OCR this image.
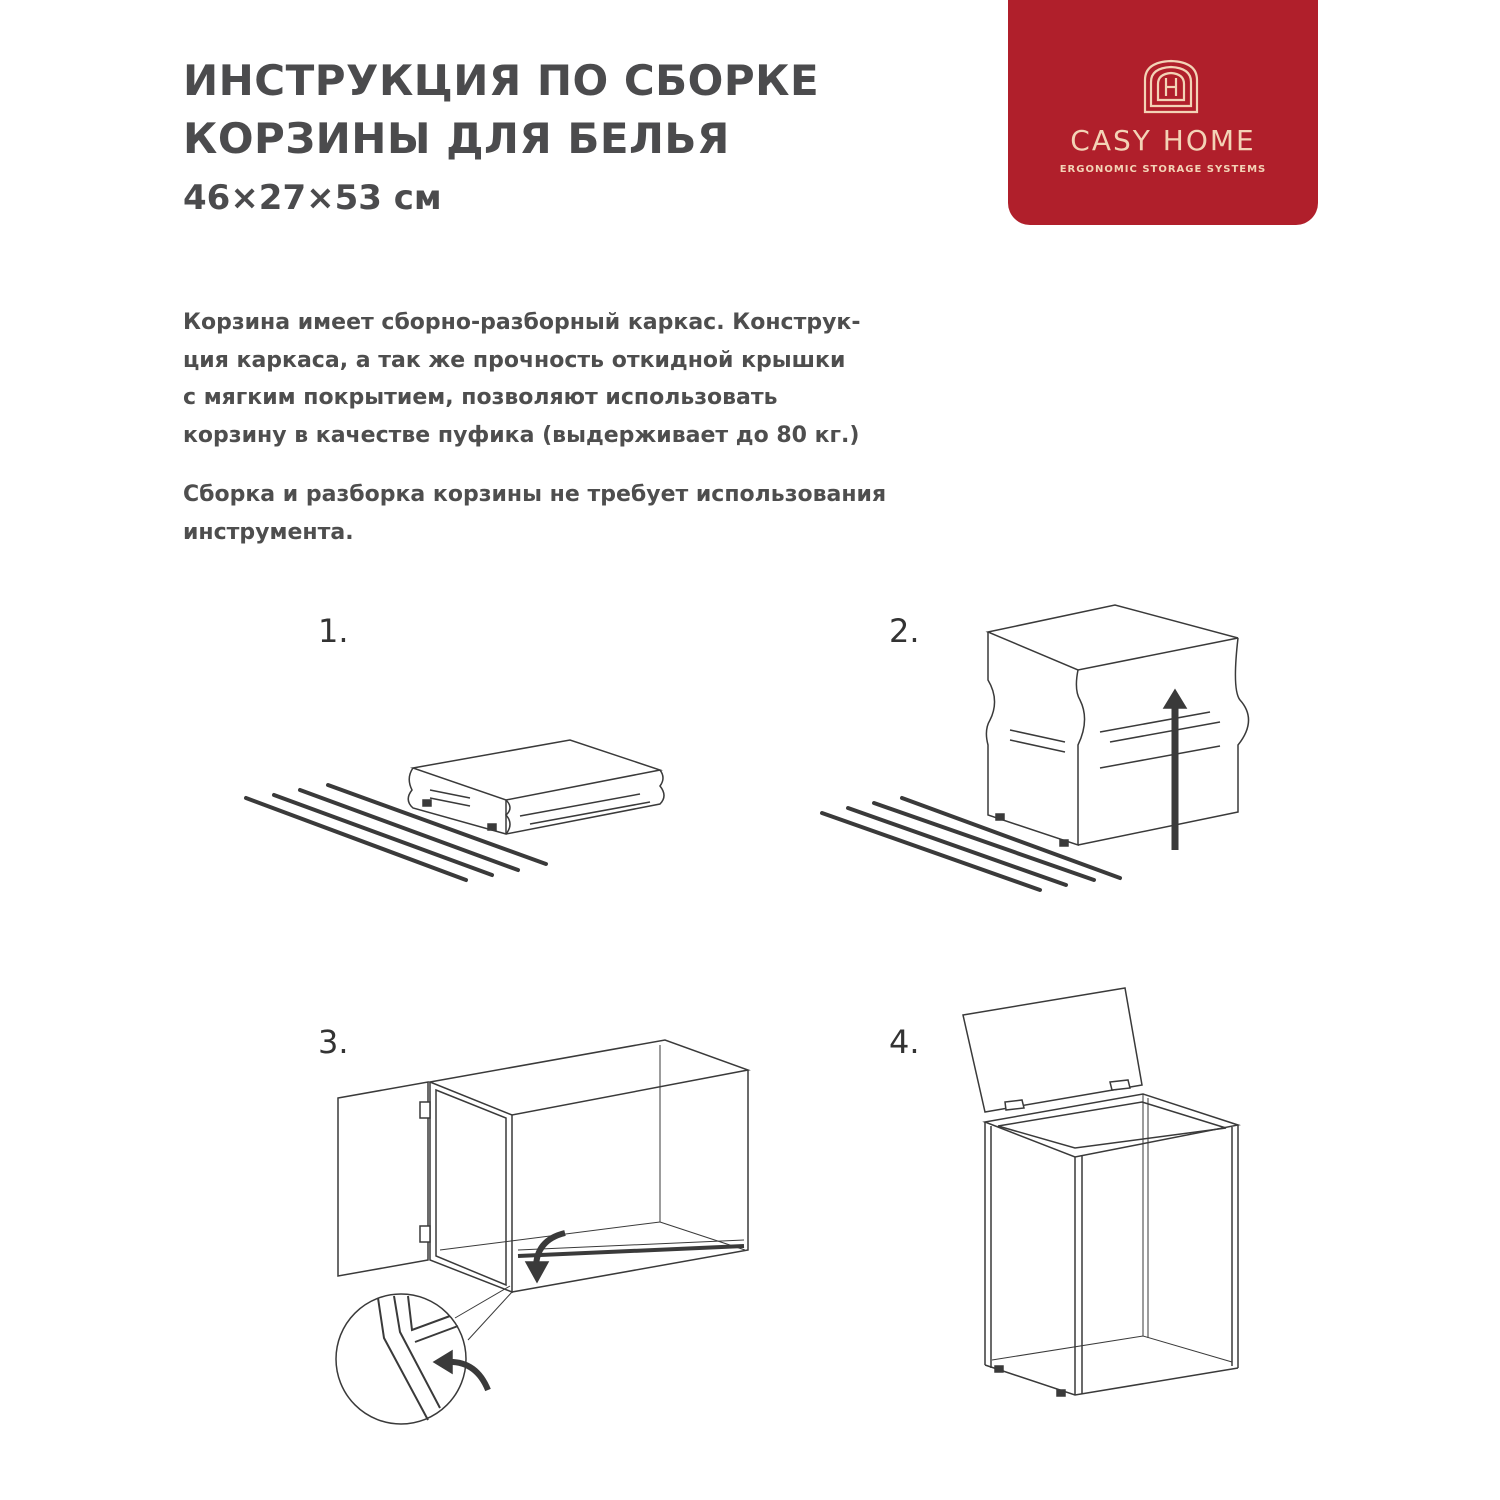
ИНСТРУКЦИЯ ПО СБОРКЕ
КОРЗИНЫ ДЛЯ БЕЛЬЯ
46×27×53 см
CASY HOME
ERGONOMIC STORAGE SYSTEMS

Корзина имеет сборно-разборный каркас. Конструк-
ция каркаса, а так же прочность откидной крышки
с мягким покрытием, позволяют использовать
корзину в качестве пуфика (выдерживает до 80 кг.)

Сборка и разборка корзины не требует использования
инструмента.

1.	2.
3.	4.
